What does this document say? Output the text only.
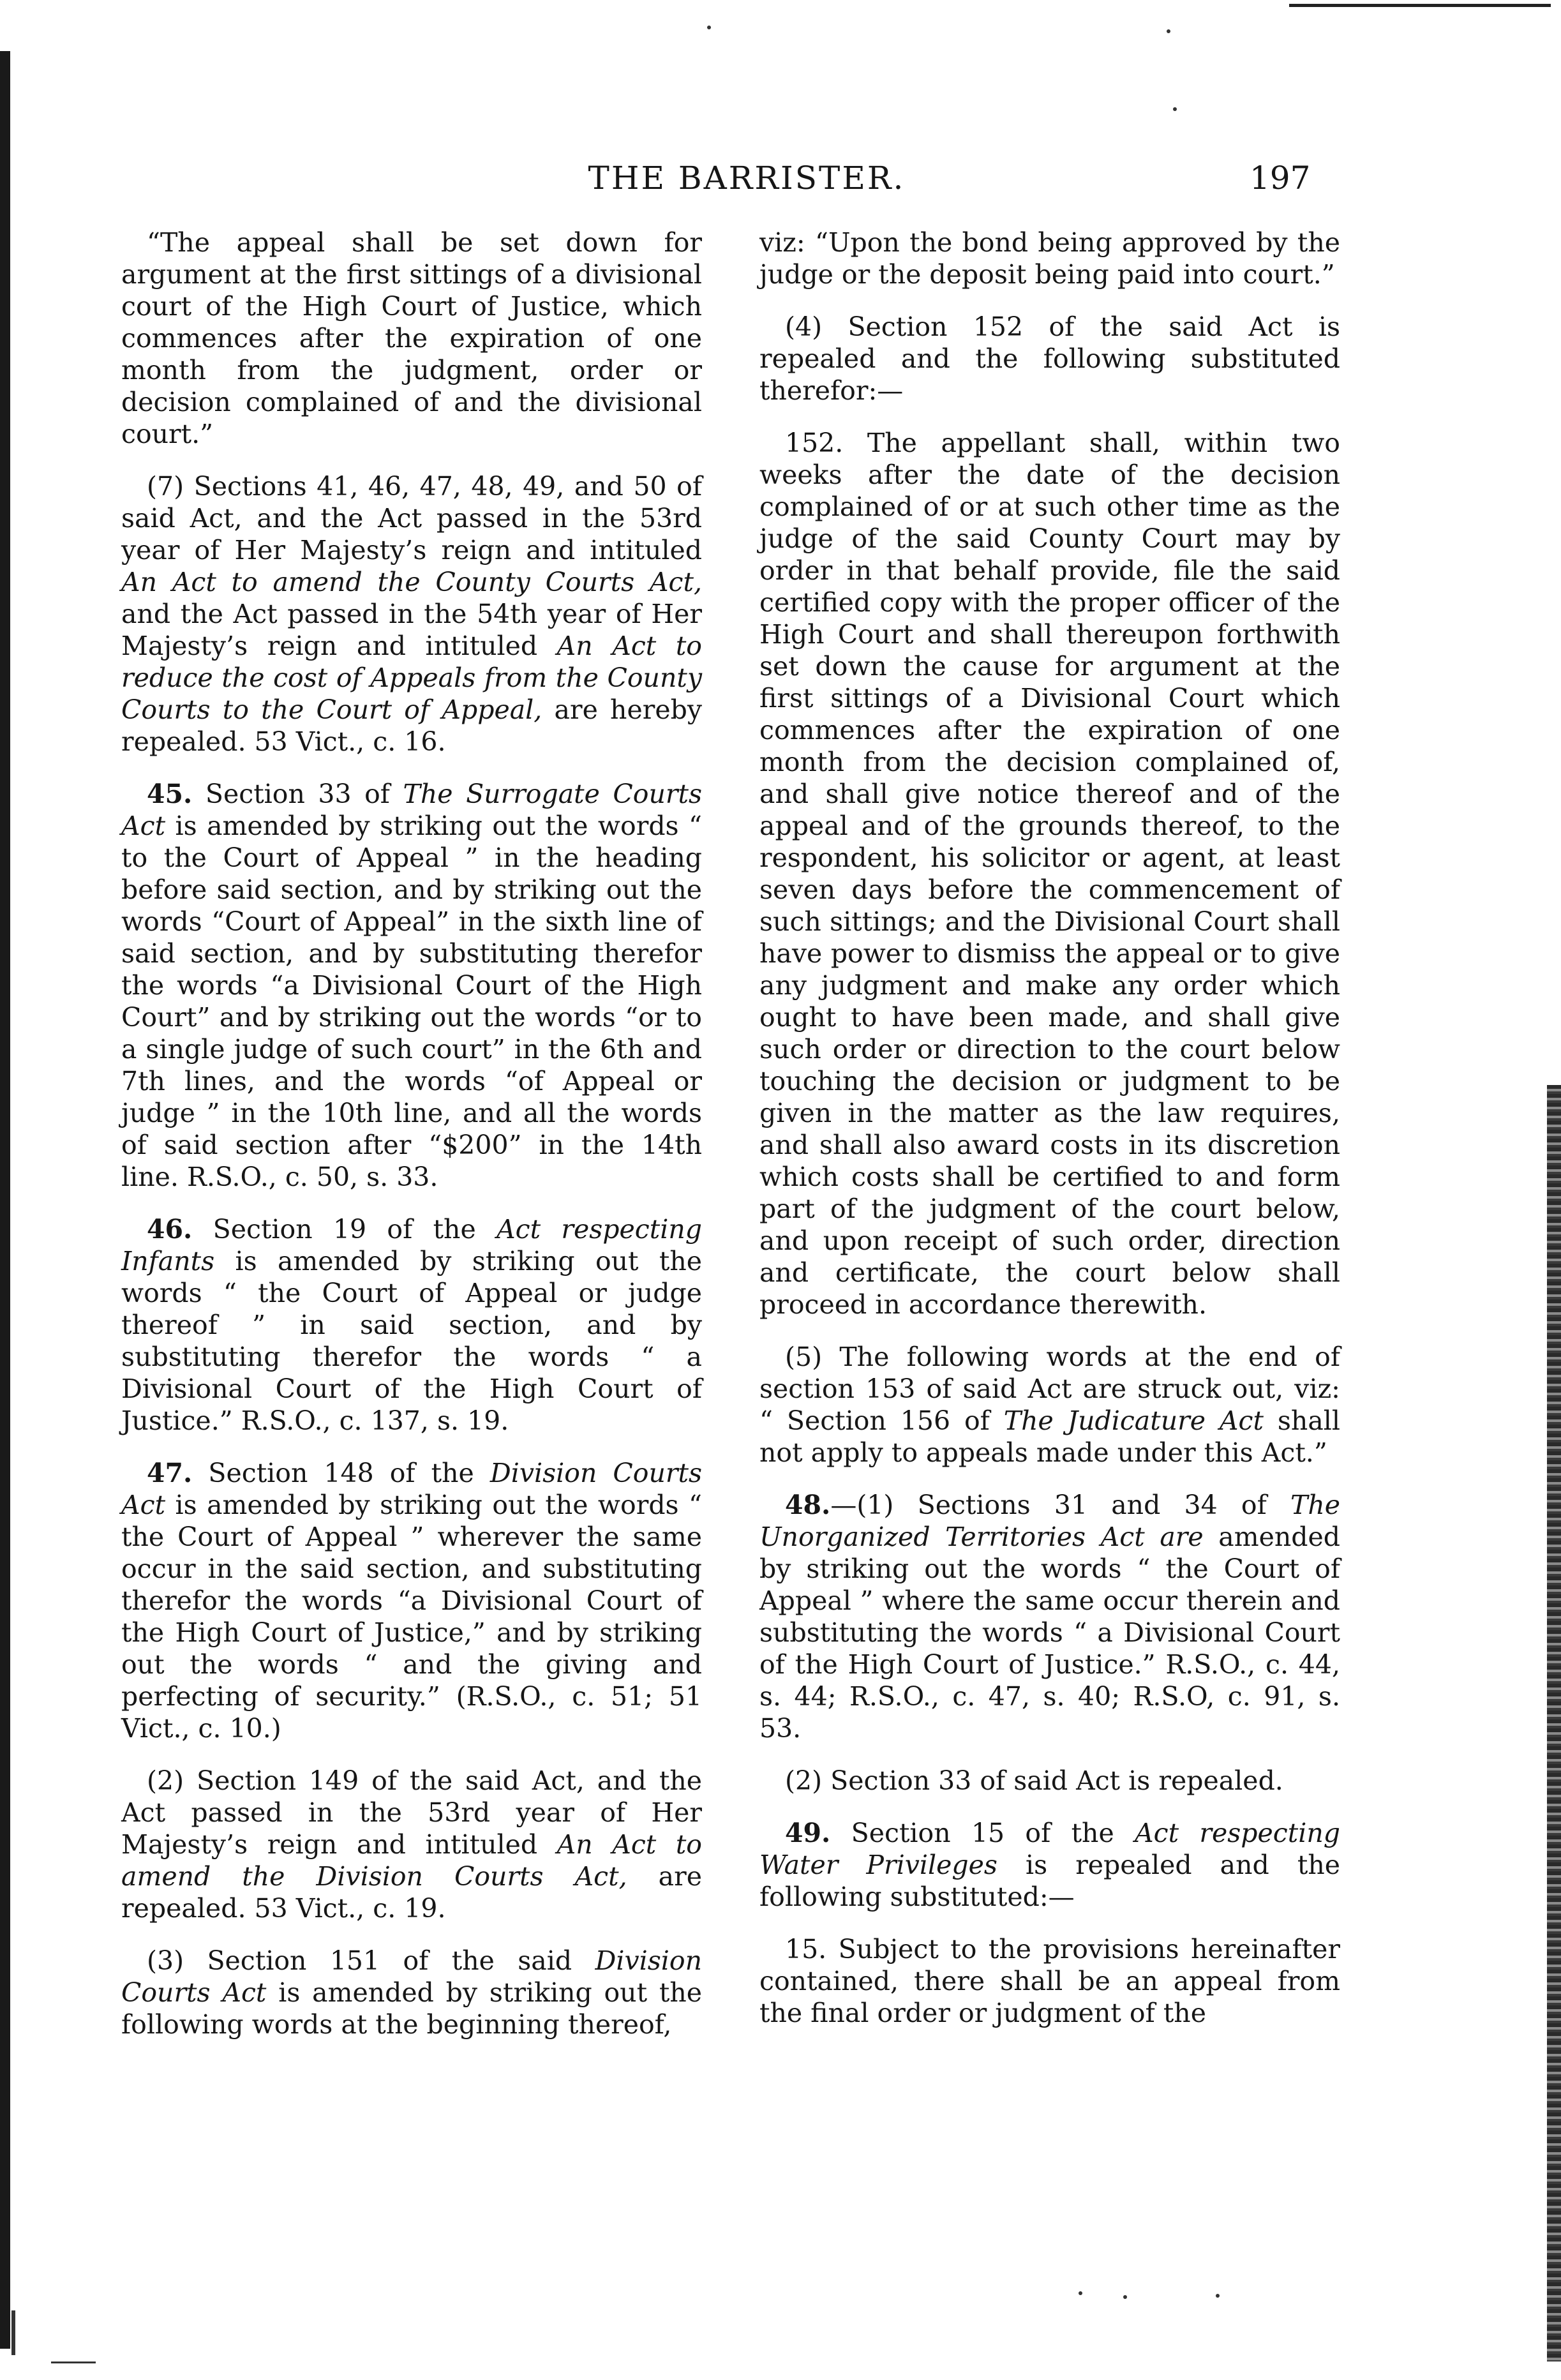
THE BARRISTER.	197

“The appeal shall be set down for argument at the first sittings of a divisional court of the High Court of Justice, which commences after the expiration of one month from the judgment, order or decision complained of and the divisional court.”

(7) Sections 41, 46, 47, 48, 49, and 50 of said Act, and the Act passed in the 53rd year of Her Majesty’s reign and intituled An Act to amend the County Courts Act, and the Act passed in the 54th year of Her Majesty’s reign and intituled An Act to reduce the cost of Appeals from the County Courts to the Court of Appeal, are hereby repealed. 53 Vict., c. 16.

45. Section 33 of The Surrogate Courts Act is amended by striking out the words “ to the Court of Appeal ” in the heading before said section, and by striking out the words “Court of Appeal” in the sixth line of said section, and by substituting therefor the words “a Divisional Court of the High Court” and by striking out the words “or to a single judge of such court” in the 6th and 7th lines, and the words “of Appeal or judge ” in the 10th line, and all the words of said section after “$200” in the 14th line. R.S.O., c. 50, s. 33.

46. Section 19 of the Act respecting Infants is amended by striking out the words “ the Court of Appeal or judge thereof ” in said section, and by substituting therefor the words “ a Divisional Court of the High Court of Justice.” R.S.O., c. 137, s. 19.

47. Section 148 of the Division Courts Act is amended by striking out the words “ the Court of Appeal ” wherever the same occur in the said section, and substituting therefor the words “a Divisional Court of the High Court of Justice,” and by striking out the words “ and the giving and perfecting of security.” (R.S.O., c. 51; 51 Vict., c. 10.)

(2) Section 149 of the said Act, and the Act passed in the 53rd year of Her Majesty’s reign and intituled An Act to amend the Division Courts Act, are repealed. 53 Vict., c. 19.

(3) Section 151 of the said Division Courts Act is amended by striking out the following words at the beginning thereof,

viz: “Upon the bond being approved by the judge or the deposit being paid into court.”

(4) Section 152 of the said Act is repealed and the following substituted therefor:—

152. The appellant shall, within two weeks after the date of the decision complained of or at such other time as the judge of the said County Court may by order in that behalf provide, file the said certified copy with the proper officer of the High Court and shall thereupon forthwith set down the cause for argument at the first sittings of a Divisional Court which commences after the expiration of one month from the decision complained of, and shall give notice thereof and of the appeal and of the grounds thereof, to the respondent, his solicitor or agent, at least seven days before the commencement of such sittings; and the Divisional Court shall have power to dismiss the appeal or to give any judgment and make any order which ought to have been made, and shall give such order or direction to the court below touching the decision or judgment to be given in the matter as the law requires, and shall also award costs in its discretion which costs shall be certified to and form part of the judgment of the court below, and upon receipt of such order, direction and certificate, the court below shall proceed in accordance therewith.

(5) The following words at the end of section 153 of said Act are struck out, viz: “ Section 156 of The Judicature Act shall not apply to appeals made under this Act.”

48.—(1) Sections 31 and 34 of The Unorganized Territories Act are amended by striking out the words “ the Court of Appeal ” where the same occur therein and substituting the words “ a Divisional Court of the High Court of Justice.” R.S.O., c. 44, s. 44; R.S.O., c. 47, s. 40; R.S.O, c. 91, s. 53.

(2) Section 33 of said Act is repealed.

49. Section 15 of the Act respecting Water Privileges is repealed and the following substituted:—

15. Subject to the provisions hereinafter contained, there shall be an appeal from the final order or judgment of the
